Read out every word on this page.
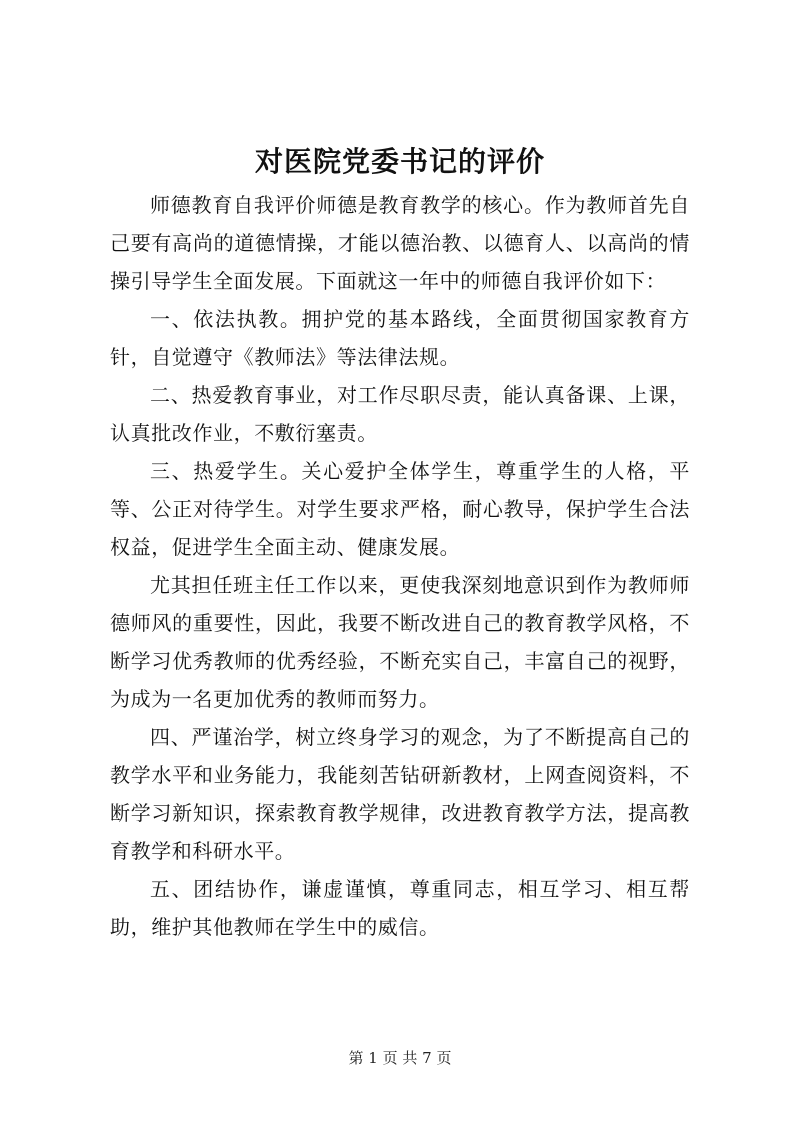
对医院党委书记的评价

师德教育自我评价师德是教育教学的核心。作为教师首先自己要有高尚的道德情操，才能以德治教、以德育人、以高尚的情操引导学生全面发展。下面就这一年中的师德自我评价如下：

一、依法执教。拥护党的基本路线，全面贯彻国家教育方针，自觉遵守《教师法》等法律法规。

二、热爱教育事业，对工作尽职尽责，能认真备课、上课，认真批改作业，不敷衍塞责。

三、热爱学生。关心爱护全体学生，尊重学生的人格，平等、公正对待学生。对学生要求严格，耐心教导，保护学生合法权益，促进学生全面主动、健康发展。

尤其担任班主任工作以来，更使我深刻地意识到作为教师师德师风的重要性，因此，我要不断改进自己的教育教学风格，不断学习优秀教师的优秀经验，不断充实自己，丰富自己的视野，为成为一名更加优秀的教师而努力。

四、严谨治学，树立终身学习的观念，为了不断提高自己的教学水平和业务能力，我能刻苦钻研新教材，上网查阅资料，不断学习新知识，探索教育教学规律，改进教育教学方法，提高教育教学和科研水平。

五、团结协作，谦虚谨慎，尊重同志，相互学习、相互帮助，维护其他教师在学生中的威信。

第 1 页 共 7 页
